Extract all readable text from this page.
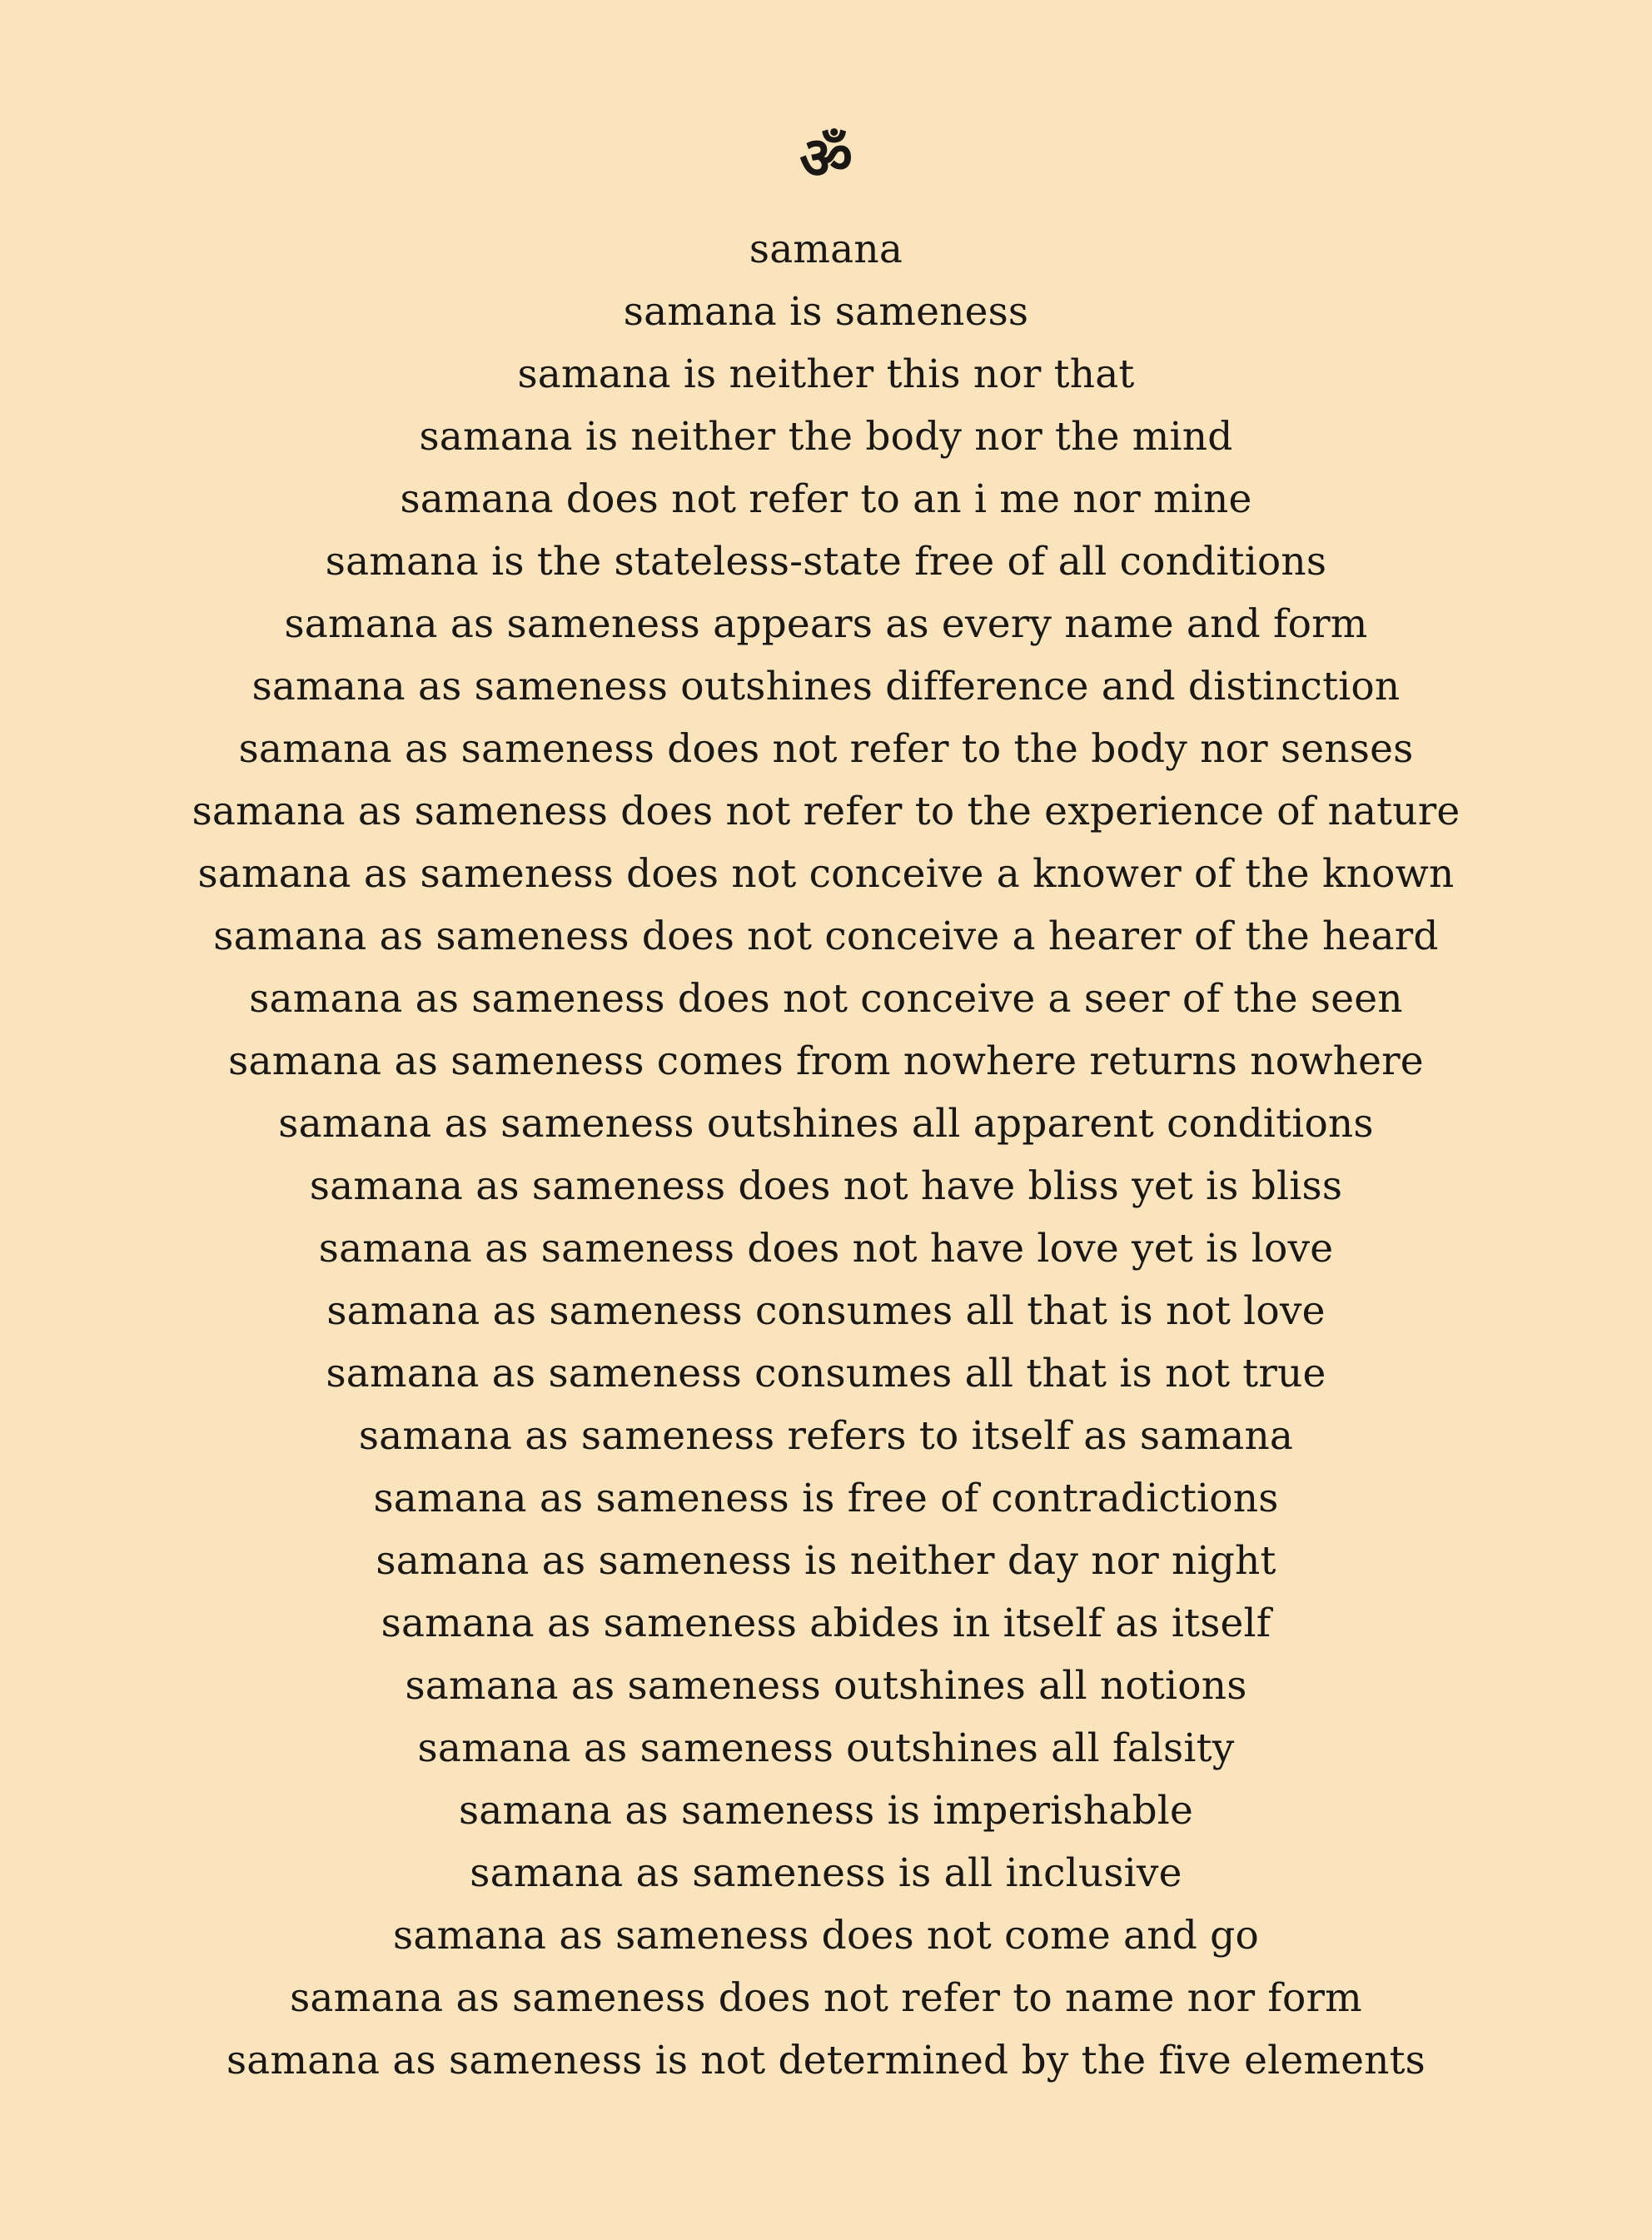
ॐ
samana
samana is sameness
samana is neither this nor that
samana is neither the body nor the mind
samana does not refer to an i me nor mine
samana is the stateless-state free of all conditions
samana as sameness appears as every name and form
samana as sameness outshines difference and distinction
samana as sameness does not refer to the body nor senses
samana as sameness does not refer to the experience of nature
samana as sameness does not conceive a knower of the known
samana as sameness does not conceive a hearer of the heard
samana as sameness does not conceive a seer of the seen
samana as sameness comes from nowhere returns nowhere
samana as sameness outshines all apparent conditions
samana as sameness does not have bliss yet is bliss
samana as sameness does not have love yet is love
samana as sameness consumes all that is not love
samana as sameness consumes all that is not true
samana as sameness refers to itself as samana
samana as sameness is free of contradictions
samana as sameness is neither day nor night
samana as sameness abides in itself as itself
samana as sameness outshines all notions
samana as sameness outshines all falsity
samana as sameness is imperishable
samana as sameness is all inclusive
samana as sameness does not come and go
samana as sameness does not refer to name nor form
samana as sameness is not determined by the five elements
